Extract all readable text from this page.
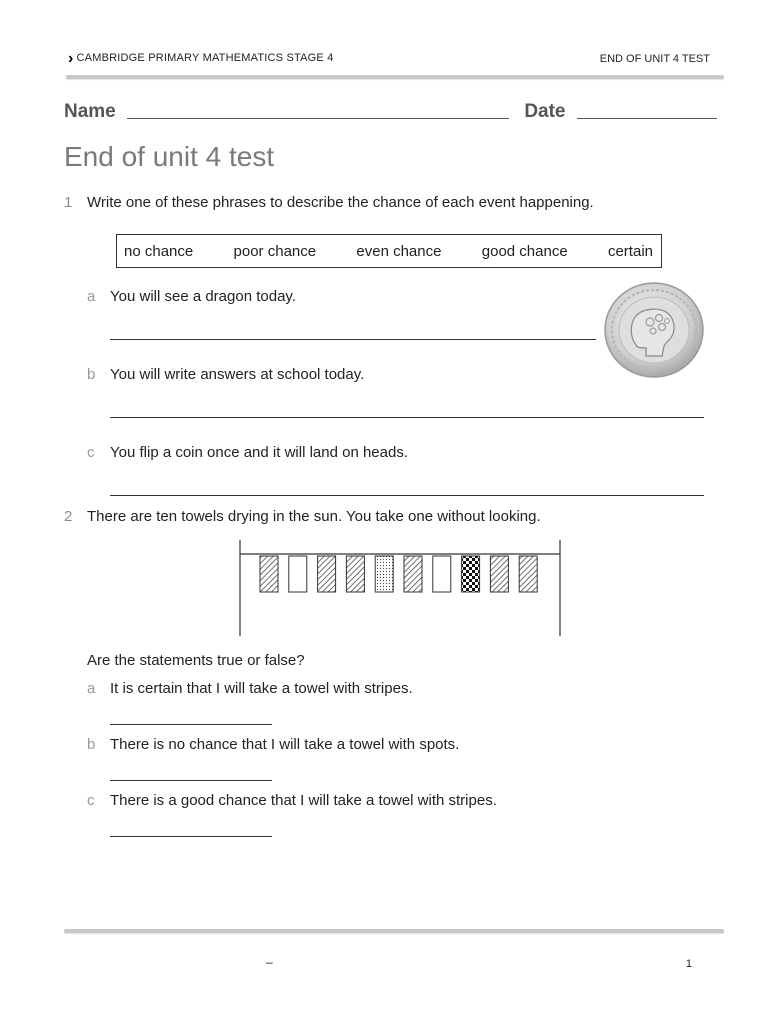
› CAMBRIDGE PRIMARY MATHEMATICS STAGE 4	END OF UNIT 4 TEST
Name	Date
End of unit 4 test
1 Write one of these phrases to describe the chance of each event happening.
no chance	poor chance	even chance	good chance	certain
a You will see a dragon today.
b You will write answers at school today.
c You flip a coin once and it will land on heads.
2 There are ten towels drying in the sun. You take one without looking.
Are the statements true or false?
a It is certain that I will take a towel with stripes.
b There is no chance that I will take a towel with spots.
c There is a good chance that I will take a towel with stripes.
–	1
